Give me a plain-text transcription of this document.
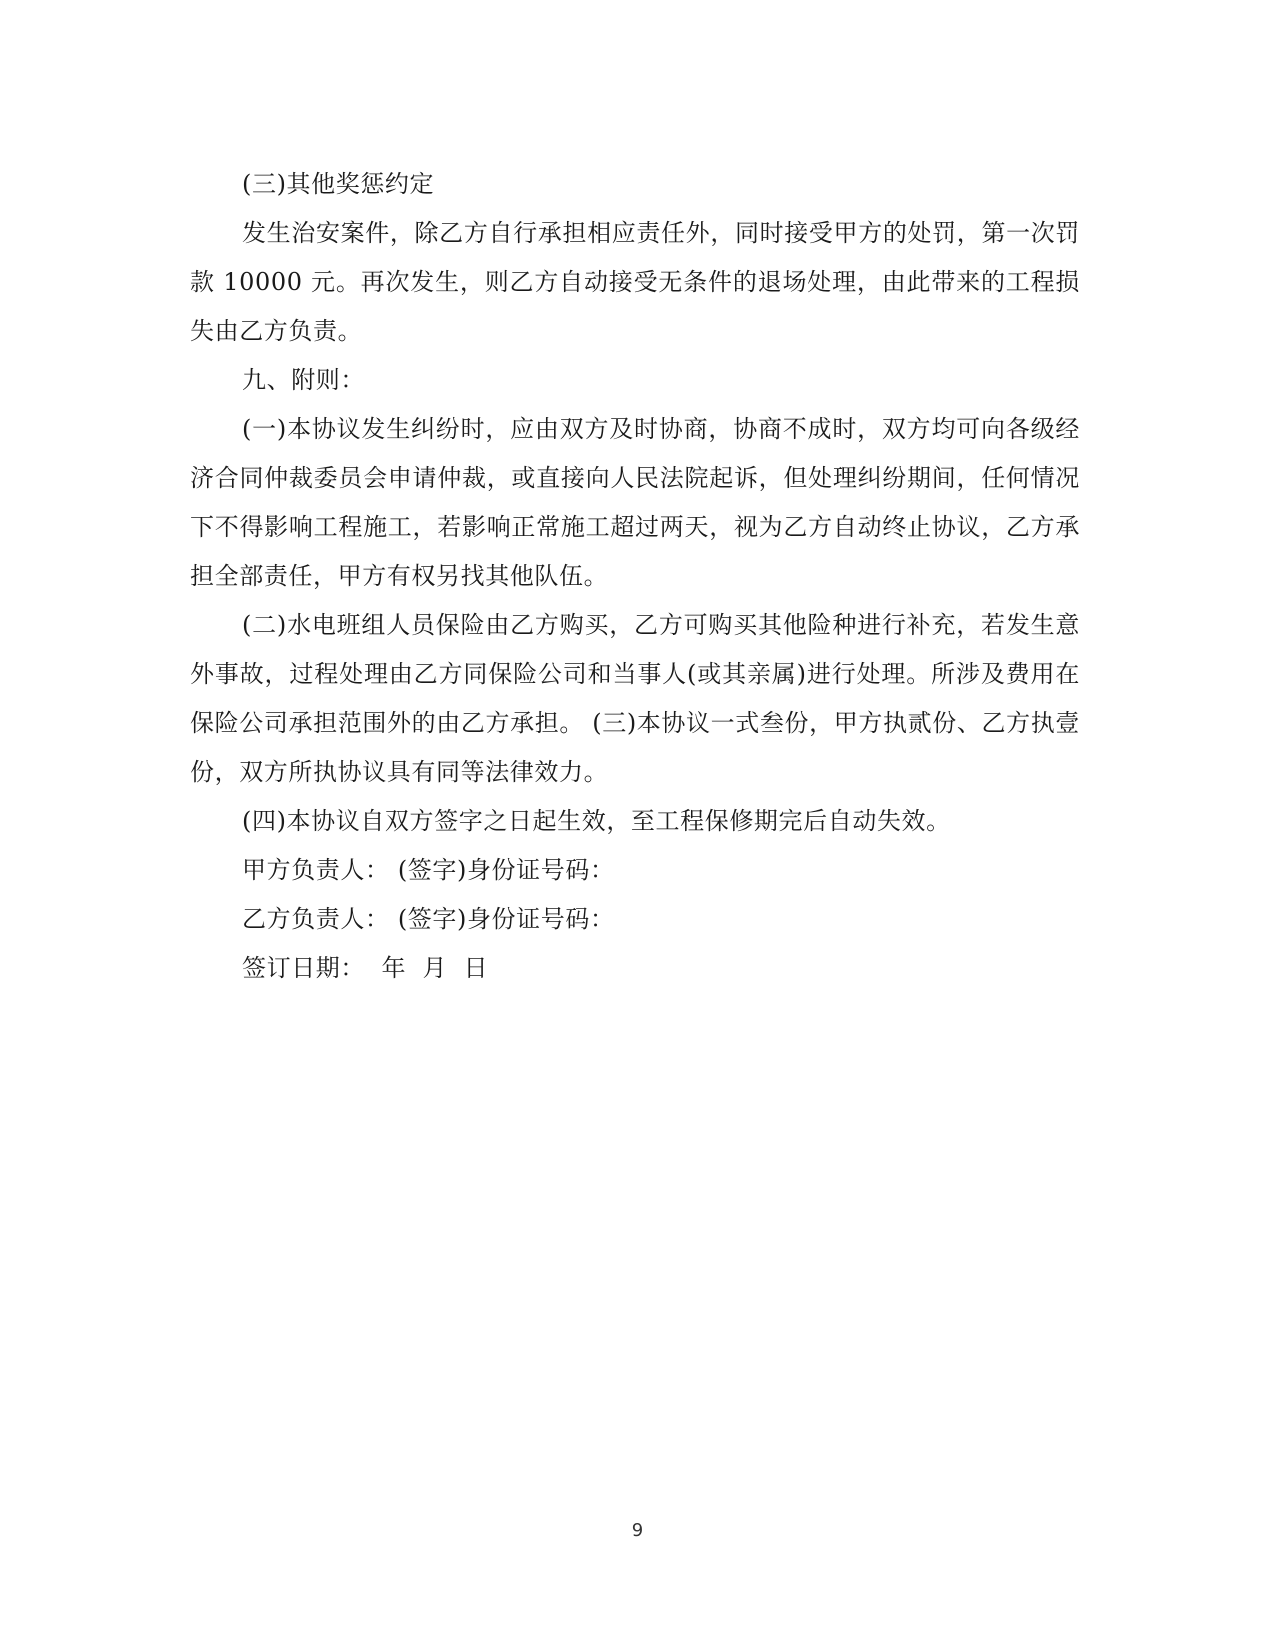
(三)其他奖惩约定

发生治安案件，除乙方自行承担相应责任外，同时接受甲方的处罚，第一次罚款 10000 元。再次发生，则乙方自动接受无条件的退场处理，由此带来的工程损失由乙方负责。

九、附则：

(一)本协议发生纠纷时，应由双方及时协商，协商不成时，双方均可向各级经济合同仲裁委员会申请仲裁，或直接向人民法院起诉，但处理纠纷期间，任何情况下不得影响工程施工，若影响正常施工超过两天，视为乙方自动终止协议，乙方承担全部责任，甲方有权另找其他队伍。

(二)水电班组人员保险由乙方购买，乙方可购买其他险种进行补充，若发生意外事故，过程处理由乙方同保险公司和当事人(或其亲属)进行处理。所涉及费用在保险公司承担范围外的由乙方承担。 (三)本协议一式叁份，甲方执贰份、乙方执壹份，双方所执协议具有同等法律效力。

(四)本协议自双方签字之日起生效，至工程保修期完后自动失效。

甲方负责人： (签字)身份证号码：

乙方负责人： (签字)身份证号码：

签订日期：  年  月  日

9
